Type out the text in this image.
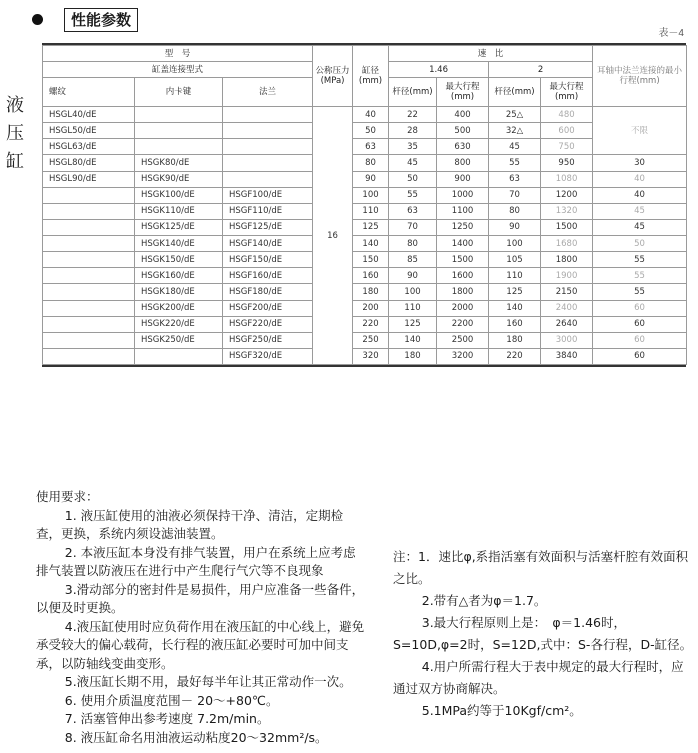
性能参数
表－4
液
压
缸
型　号			公称压力(MPa)	缸径(mm)	速　比				耳轴中法兰连接的最小行程(mm)
缸盖连接型式					1.46		2		
螺纹	内卡键	法兰			杆径(mm)	最大行程(mm)	杆径(mm)	最大行程(mm)	

HSGL40/dE			16	40	22	400	25△	480	不限
HSGL50/dE				50	28	500	32△	600	
HSGL63/dE				63	35	630	45	750	
HSGL80/dE	HSGK80/dE			80	45	800	55	950	30
HSGL90/dE	HSGK90/dE			90	50	900	63	1080	40
	HSGK100/dE	HSGF100/dE		100	55	1000	70	1200	40
	HSGK110/dE	HSGF110/dE		110	63	1100	80	1320	45
	HSGK125/dE	HSGF125/dE		125	70	1250	90	1500	45
	HSGK140/dE	HSGF140/dE		140	80	1400	100	1680	50
	HSGK150/dE	HSGF150/dE		150	85	1500	105	1800	55
	HSGK160/dE	HSGF160/dE		160	90	1600	110	1900	55
	HSGK180/dE	HSGF180/dE		180	100	1800	125	2150	55
	HSGK200/dE	HSGF200/dE		200	110	2000	140	2400	60
	HSGK220/dE	HSGF220/dE		220	125	2200	160	2640	60
	HSGK250/dE	HSGF250/dE		250	140	2500	180	3000	60
		HSGF320/dE		320	180	3200	220	3840	60

使用要求：

1. 液压缸使用的油液必须保持干净、清洁，定期检查，更换，系统内须设滤油装置。

2. 本液压缸本身没有排气装置，用户在系统上应考虑排气装置以防液压在进行中产生爬行气穴等不良现象

3.滑动部分的密封件是易损件，用户应准备一些备件，以便及时更换。

4.液压缸使用时应负荷作用在液压缸的中心线上，避免承受较大的偏心载荷，长行程的液压缸必要时可加中间支承，以防轴线变曲变形。

5.液压缸长期不用，最好每半年让其正常动作一次。

6. 使用介质温度范围－ 20～+80℃。

7. 活塞管伸出参考速度 7.2m/min。

8. 液压缸命名用油液运动粘度20～32mm²/s。

注：1．速比φ,系指活塞有效面积与活塞杆腔有效面积之比。

2.带有△者为φ＝1.7。

3.最大行程原则上是：　φ＝1.46时，S=10D,φ=2时，S=12D,式中：S-各行程，D-缸径。

4.用户所需行程大于表中规定的最大行程时，应通过双方协商解决。

5.1MPa约等于10Kgf/cm²。
